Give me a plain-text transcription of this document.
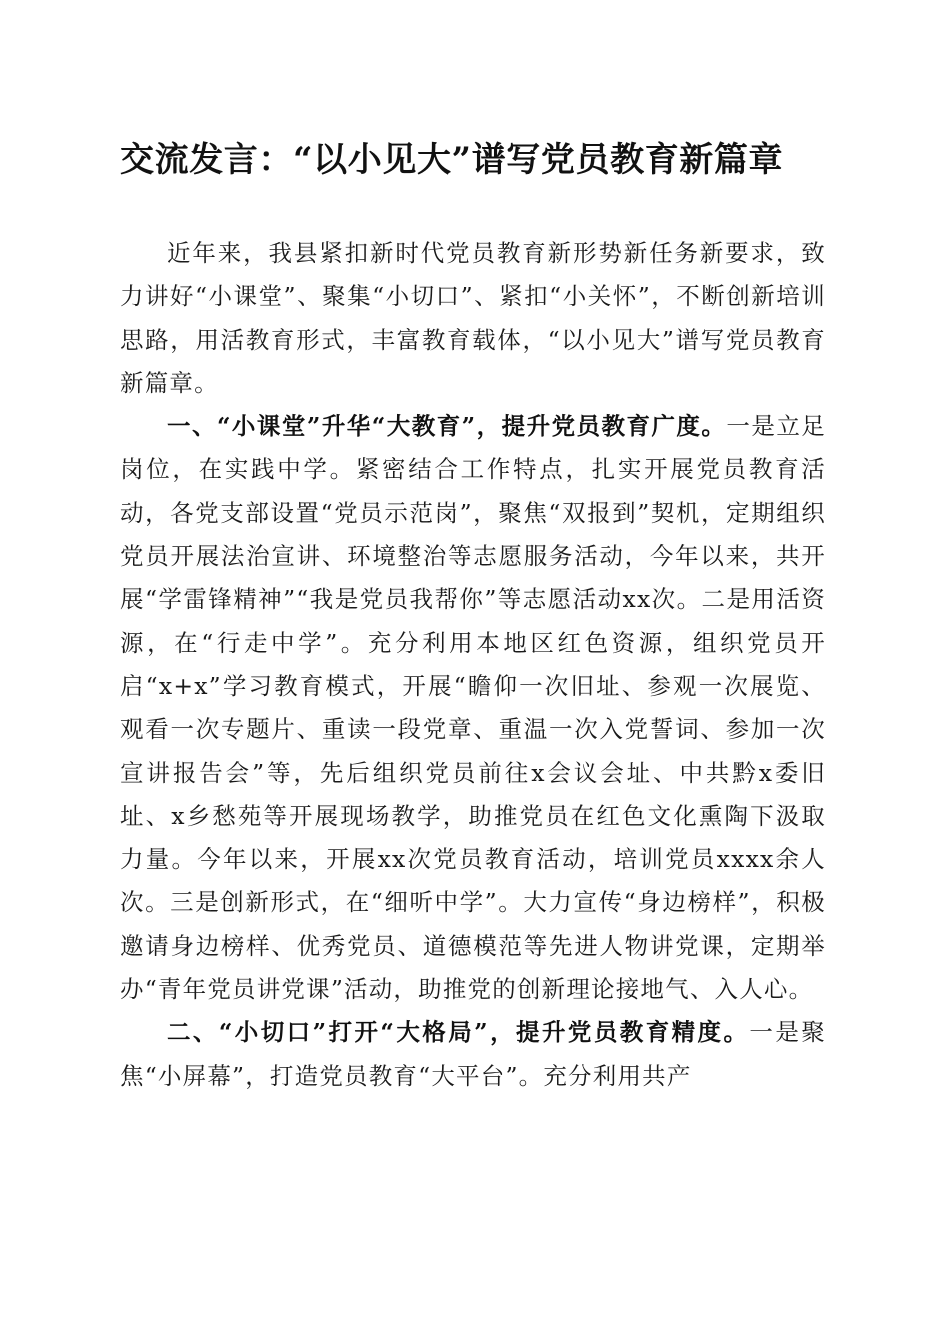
交流发言：“以小见大”谱写党员教育新篇章

近年来，我县紧扣新时代党员教育新形势新任务新要求，致力讲好“小课堂”、聚集“小切口”、紧扣“小关怀”，不断创新培训思路，用活教育形式，丰富教育载体，“以小见大”谱写党员教育新篇章。

一、“小课堂”升华“大教育”，提升党员教育广度。一是立足岗位，在实践中学。紧密结合工作特点，扎实开展党员教育活动，各党支部设置“党员示范岗”，聚焦“双报到”契机，定期组织党员开展法治宣讲、环境整治等志愿服务活动，今年以来，共开展“学雷锋精神”“我是党员我帮你”等志愿活动xx次。二是用活资源，在“行走中学”。充分利用本地区红色资源，组织党员开启“x+x”学习教育模式，开展“瞻仰一次旧址、参观一次展览、观看一次专题片、重读一段党章、重温一次入党誓词、参加一次宣讲报告会”等，先后组织党员前往x会议会址、中共黔x委旧址、x乡愁苑等开展现场教学，助推党员在红色文化熏陶下汲取力量。今年以来，开展xx次党员教育活动，培训党员xxxx余人次。三是创新形式，在“细听中学”。大力宣传“身边榜样”，积极邀请身边榜样、优秀党员、道德模范等先进人物讲党课，定期举办“青年党员讲党课”活动，助推党的创新理论接地气、入人心。

二、“小切口”打开“大格局”，提升党员教育精度。一是聚焦“小屏幕”，打造党员教育“大平台”。充分利用共产
